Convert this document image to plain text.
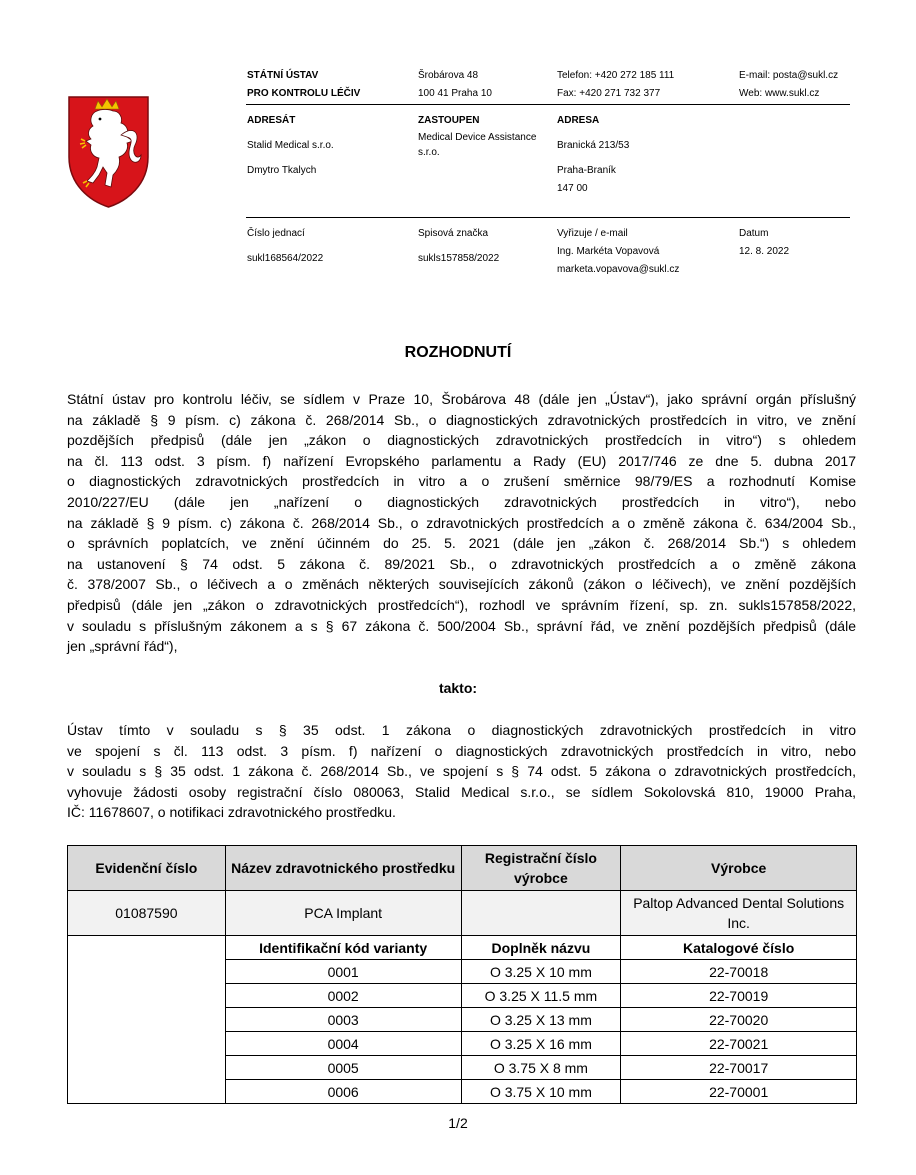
STÁTNÍ ÚSTAV
PRO KONTROLU LÉČIV
Šrobárova 48
100 41 Praha 10
Telefon: +420 272 185 111
Fax: +420 271 732 377
E-mail: posta@sukl.cz
Web: www.sukl.cz
ADRESÁT
Stalid Medical s.r.o.
Dmytro Tkalych
ZASTOUPEN
Medical Device Assistance
s.r.o.
ADRESA
Branická 213/53
Praha-Braník
147 00
Číslo jednací
sukl168564/2022
Spisová značka
sukls157858/2022
Vyřizuje / e-mail
Ing. Markéta Vopavová
marketa.vopavova@sukl.cz
Datum
12. 8. 2022
ROZHODNUTÍ
Státní ústav pro kontrolu léčiv, se sídlem v Praze 10, Šrobárova 48 (dále jen „Ústav“), jako správní orgán příslušný
na základě § 9 písm. c) zákona č. 268/2014 Sb., o diagnostických zdravotnických prostředcích in vitro, ve znění
pozdějších předpisů (dále jen „zákon o diagnostických zdravotnických prostředcích in vitro“) s ohledem
na čl. 113 odst. 3 písm. f) nařízení Evropského parlamentu a Rady (EU) 2017/746 ze dne 5. dubna 2017
o diagnostických zdravotnických prostředcích in vitro a o zrušení směrnice 98/79/ES a rozhodnutí Komise
2010/227/EU (dále jen „nařízení o diagnostických zdravotnických prostředcích in vitro“), nebo
na základě § 9 písm. c) zákona č. 268/2014 Sb., o zdravotnických prostředcích a o změně zákona č. 634/2004 Sb.,
o správních poplatcích, ve znění účinném do 25. 5. 2021 (dále jen „zákon č. 268/2014 Sb.“) s ohledem
na ustanovení § 74 odst. 5 zákona č. 89/2021 Sb., o zdravotnických prostředcích a o změně zákona
č. 378/2007 Sb., o léčivech a o změnách některých souvisejících zákonů (zákon o léčivech), ve znění pozdějších
předpisů (dále jen „zákon o zdravotnických prostředcích“), rozhodl ve správním řízení, sp. zn. sukls157858/2022,
v souladu s příslušným zákonem a s § 67 zákona č. 500/2004 Sb., správní řád, ve znění pozdějších předpisů (dále
jen „správní řád“),
takto:
Ústav tímto v souladu s § 35 odst. 1 zákona o diagnostických zdravotnických prostředcích in vitro
ve spojení s čl. 113 odst. 3 písm. f) nařízení o diagnostických zdravotnických prostředcích in vitro, nebo
v souladu s § 35 odst. 1 zákona č. 268/2014 Sb., ve spojení s § 74 odst. 5 zákona o zdravotnických prostředcích,
vyhovuje žádosti osoby registrační číslo 080063, Stalid Medical s.r.o., se sídlem Sokolovská 810, 19000 Praha,
IČ: 11678607, o notifikaci zdravotnického prostředku.
Evidenční číslo	Název zdravotnického prostředku	Registrační číslo výrobce	Výrobce
01087590	PCA Implant		Paltop Advanced Dental Solutions Inc.
	Identifikační kód varianty	Doplněk názvu	Katalogové číslo
	0001	O 3.25 X 10 mm	22-70018
	0002	O 3.25 X 11.5 mm	22-70019
	0003	O 3.25 X 13 mm	22-70020
	0004	O 3.25 X 16 mm	22-70021
	0005	O 3.75 X 8 mm	22-70017
	0006	O 3.75 X 10 mm	22-70001
1/2
